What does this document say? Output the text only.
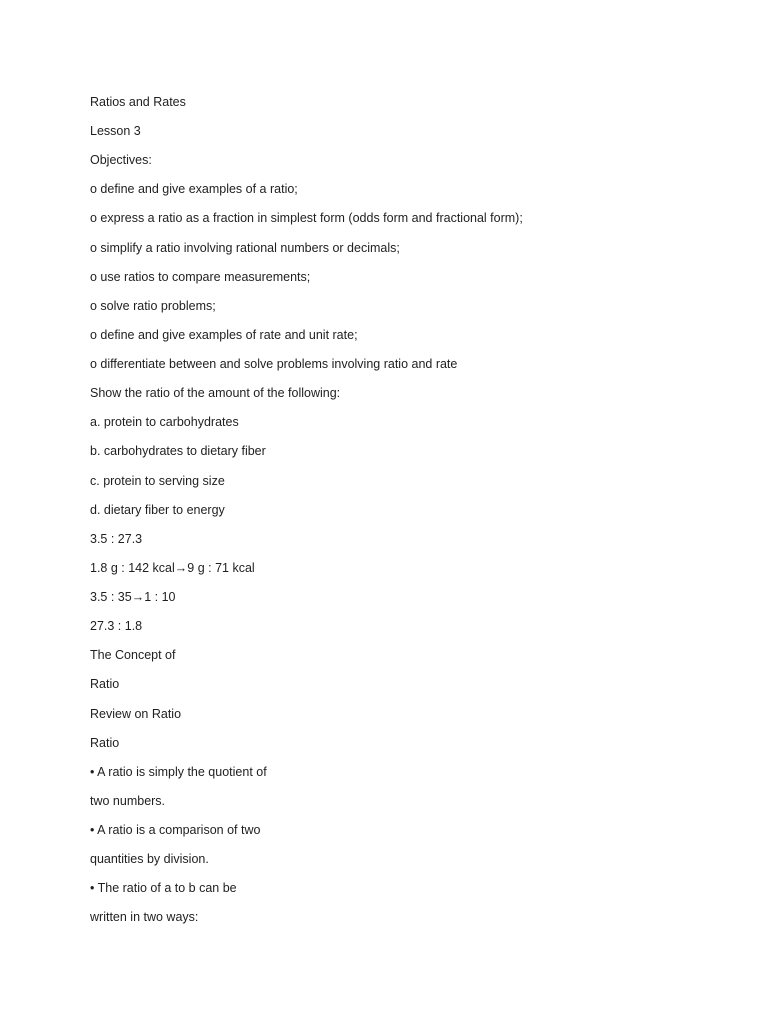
Ratios and Rates

Lesson 3

Objectives:

o define and give examples of a ratio;

o express a ratio as a fraction in simplest form (odds form and fractional form);

o simplify a ratio involving rational numbers or decimals;

o use ratios to compare measurements;

o solve ratio problems;

o define and give examples of rate and unit rate;

o differentiate between and solve problems involving ratio and rate

Show the ratio of the amount of the following:

a. protein to carbohydrates

b. carbohydrates to dietary fiber

c. protein to serving size

d. dietary fiber to energy

3.5 : 27.3

1.8 g : 142 kcal→9 g : 71 kcal

3.5 : 35→1 : 10

27.3 : 1.8

The Concept of

Ratio

Review on Ratio

Ratio

• A ratio is simply the quotient of

two numbers.

• A ratio is a comparison of two

quantities by division.

• The ratio of a to b can be

written in two ways:
